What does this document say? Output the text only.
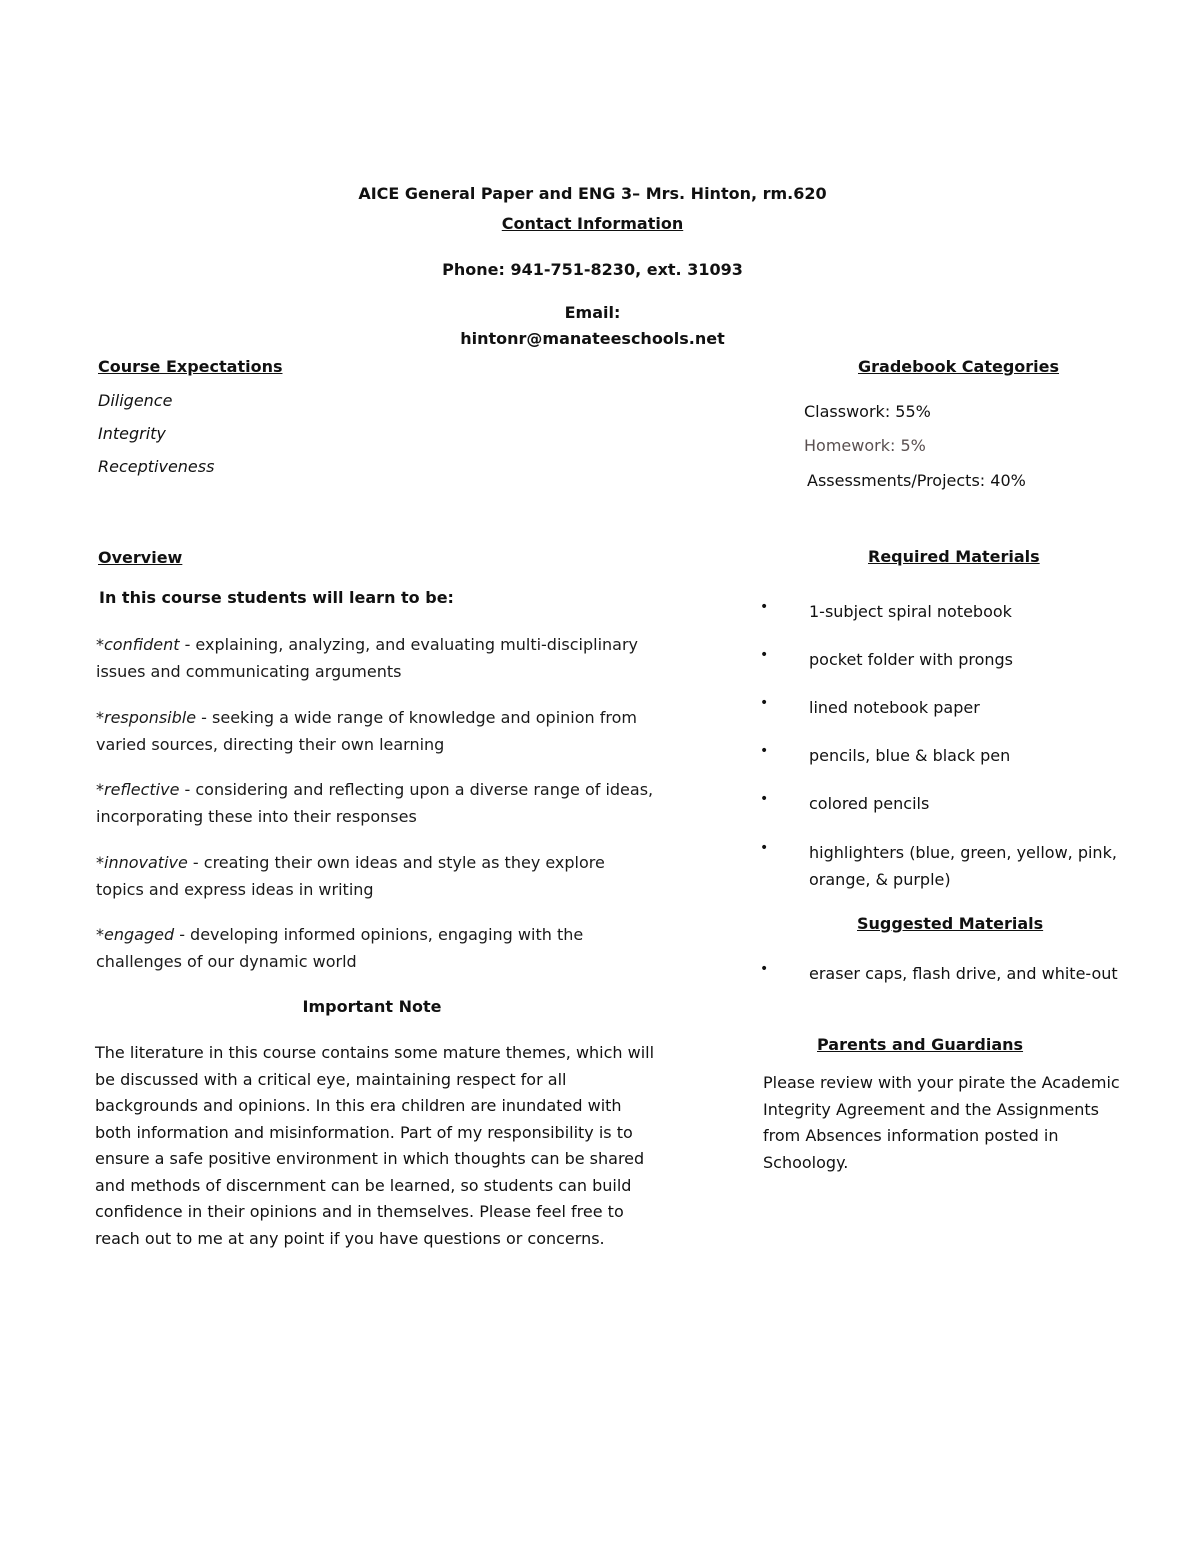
AICE General Paper and ENG 3– Mrs. Hinton, rm.620
Contact Information
Phone: 941-751-8230, ext. 31093
Email:
hintonr@manateeschools.net
Course Expectations
Diligence
Integrity
Receptiveness
Gradebook Categories
Classwork: 55%
Homework: 5%
Assessments/Projects: 40%
Overview
In this course students will learn to be:
*confident - explaining, analyzing, and evaluating multi-disciplinary issues and communicating arguments
*responsible - seeking a wide range of knowledge and opinion from varied sources, directing their own learning
*reflective - considering and reflecting upon a diverse range of ideas, incorporating these into their responses
*innovative - creating their own ideas and style as they explore topics and express ideas in writing
*engaged - developing informed opinions, engaging with the challenges of our dynamic world
Important Note
The literature in this course contains some mature themes, which will be discussed with a critical eye, maintaining respect for all backgrounds and opinions. In this era children are inundated with both information and misinformation. Part of my responsibility is to ensure a safe positive environment in which thoughts can be shared and methods of discernment can be learned, so students can build confidence in their opinions and in themselves. Please feel free to reach out to me at any point if you have questions or concerns.
Required Materials
•	1-subject spiral notebook
•	pocket folder with prongs
•	lined notebook paper
•	pencils, blue & black pen
•	colored pencils
•	highlighters (blue, green, yellow, pink, orange, & purple)
Suggested Materials
•	eraser caps, flash drive, and white-out
Parents and Guardians
Please review with your pirate the Academic Integrity Agreement and the Assignments from Absences information posted in Schoology.
